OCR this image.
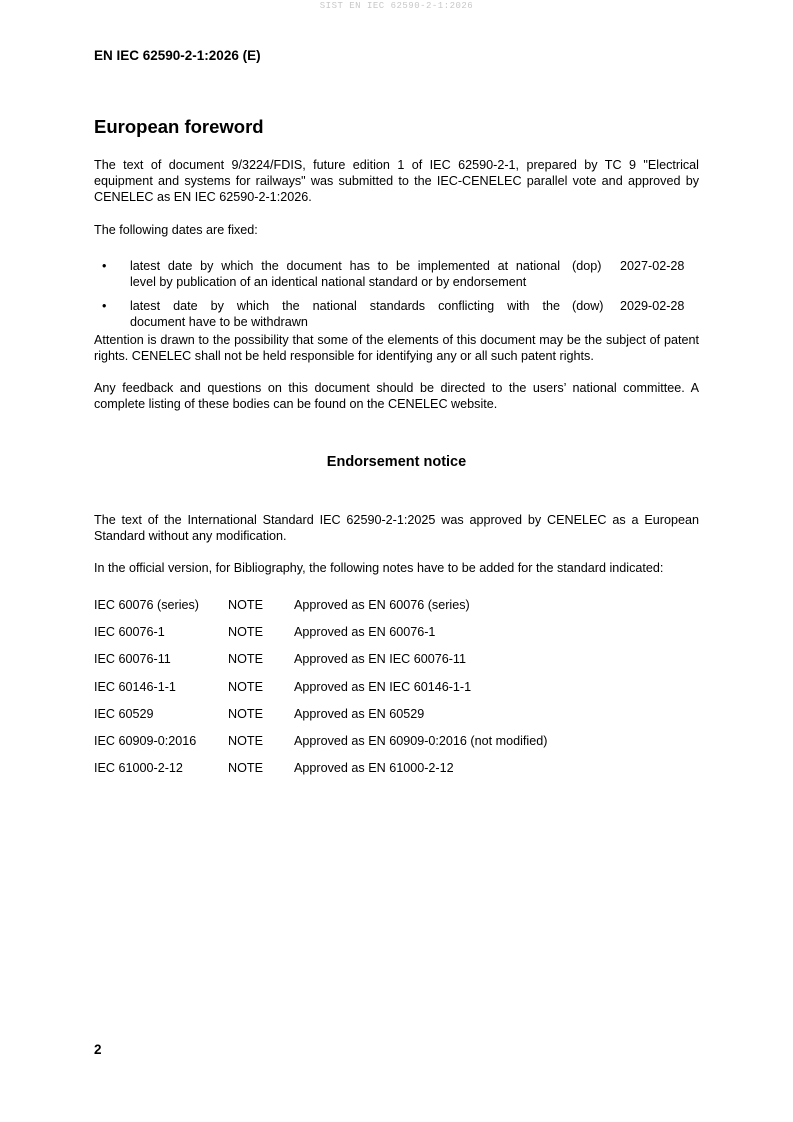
SIST EN IEC 62590-2-1:2026
EN IEC 62590-2-1:2026 (E)
European foreword

The text of document 9/3224/FDIS, future edition 1 of IEC 62590-2-1, prepared by TC 9 "Electrical equipment and systems for railways" was submitted to the IEC-CENELEC parallel vote and approved by CENELEC as EN IEC 62590-2-1:2026.

The following dates are fixed:

• latest date by which the document has to be implemented at national
level by publication of an identical national standard or by endorsement
(dop) 2027-02-28
• latest date by which the national standards conflicting with the
document have to be withdrawn
(dow) 2029-02-28

Attention is drawn to the possibility that some of the elements of this document may be the subject of patent rights. CENELEC shall not be held responsible for identifying any or all such patent rights.

Any feedback and questions on this document should be directed to the users’ national committee. A complete listing of these bodies can be found on the CENELEC website.

Endorsement notice

The text of the International Standard IEC 62590-2-1:2025 was approved by CENELEC as a European Standard without any modification.

In the official version, for Bibliography, the following notes have to be added for the standard indicated:

IEC 60076 (series) NOTE Approved as EN 60076 (series)
IEC 60076-1	NOTE Approved as EN 60076-1
IEC 60076-11	NOTE Approved as EN IEC 60076-11
IEC 60146-1-1	NOTE Approved as EN IEC 60146-1-1
IEC 60529	NOTE Approved as EN 60529
IEC 60909-0:2016	NOTE Approved as EN 60909-0:2016 (not modified)
IEC 61000-2-12	NOTE Approved as EN 61000-2-12
2
